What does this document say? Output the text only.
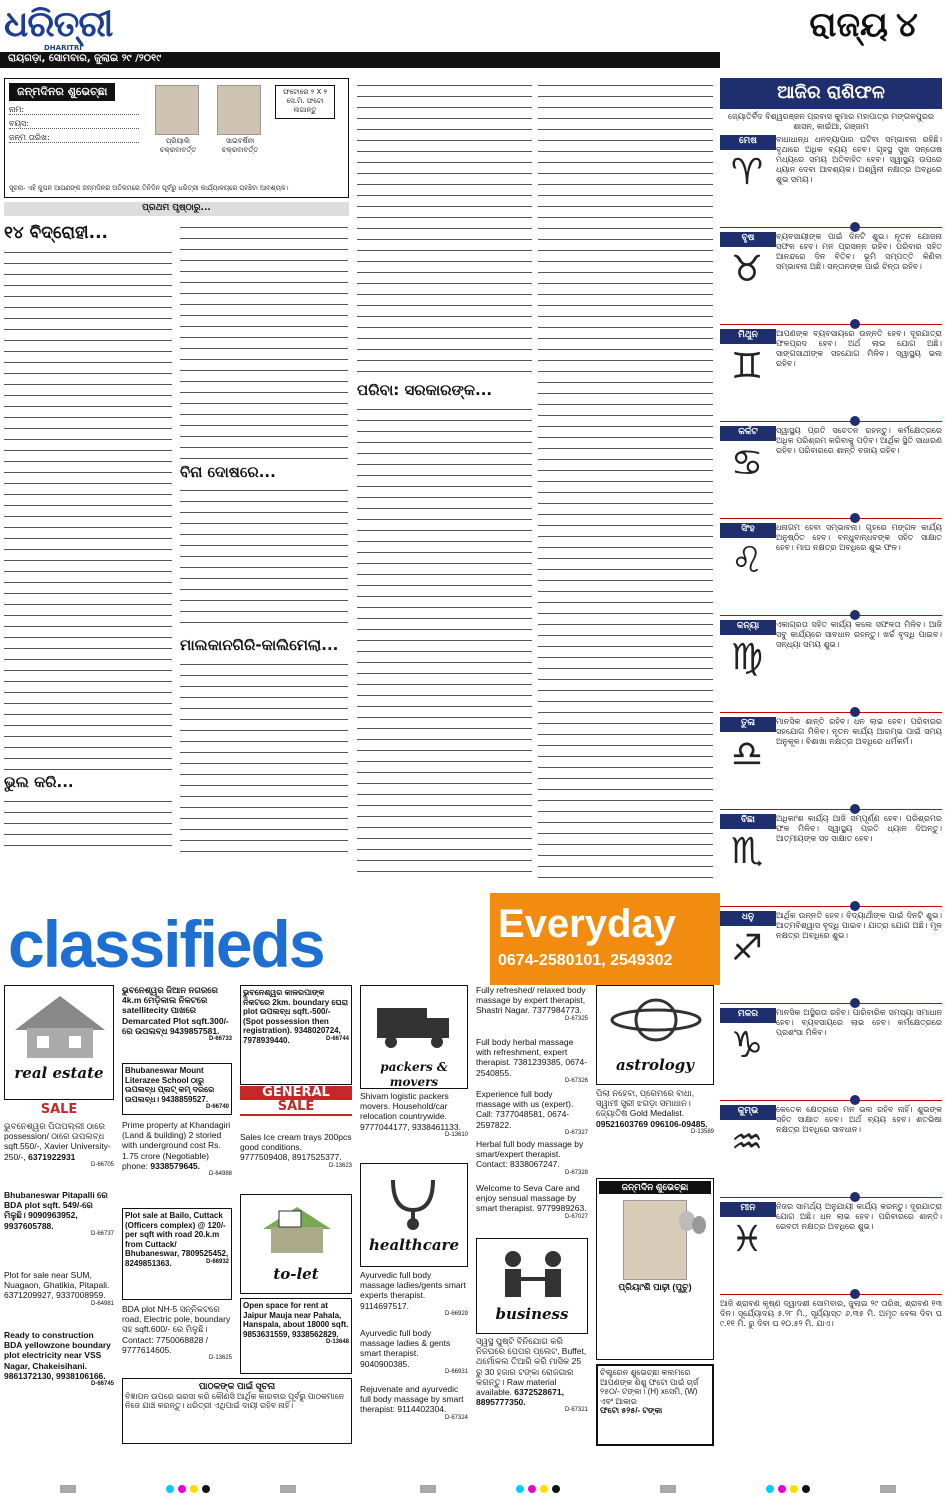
ଧରିତ୍ରୀ
DHARITRI
ରାୟଗଡ଼ା, ସୋମବାର, ଜୁଲାଇ ୨୯ /୨୦୧୯
ରାଜ୍ୟ ୪
ଜନ୍ମଦିନର ଶୁଭେଚ୍ଛା
ନାମ:
ବୟସ:
ଜନ୍ମ ତାରିଖ:	ପ୍ରିୟାଲି ଚକ୍ରବାବର୍ତ୍ତ
ସାଇବର୍ଷିନୀ ଚକ୍ରବାବର୍ତ୍ତ
ଫଟୋରେ ୨ X ୨ ସେ.ମି. ଫଟୋ ଲଗାନ୍ତୁ
ସୂଚନା- ଏହି କୁପନ ଆପଣଙ୍କ ଜନ୍ମଦିନର ଅତିକମରେ ତିନିଦିନ ପୂର୍ବରୁ ଧରିତ୍ରୀ କାର୍ଯ୍ୟାଳୟରେ ପହଞ୍ଚିବା ଆବଶ୍ୟକ।
ପ୍ରଥମ ପୃଷ୍ଠାରୁ...
୧୪ ବିଦ୍ରୋହୀ...
ଭୁଲ କରି...
ବିନା ଦୋଷରେ...
ମାଲକାନଗିରି-କାଲିମେଲା...
ପରିବା: ସରକାରଙ୍କ...
ଆଜିର ରାଶିଫଳ
ଜ୍ୟୋତିର୍ବିଦ ବିଶ୍ୱରଞ୍ଜନ ପ୍ରବାସ କୁମାର ମହାପାତ୍ର ମଙ୍ଗଳପୁରର ଶାସନ, କାଇଁଆ, ଗଞ୍ଜାମ
ମେଷ
♈
ବାଧାଧାନ୍ଧ ଧନବ୍ୟାପାର ଘଟିବା ସମ୍ଭାବନା ରହିଛି। ବୃଥାରେ ଅଧିକ ବ୍ୟୟ ହେବ। ଗୃହସ୍ଥ ସୁଖ ସନ୍ତୋଷ ମଧ୍ୟରେ ସମୟ ଅତିବାହିତ ହେବ। ସ୍ୱାସ୍ଥ୍ୟ ଉପରେ ଧ୍ୟାନ ଦେବା ଆବଶ୍ୟକ। ଅଶ୍ୱିନୀ ନକ୍ଷତ୍ର ଅବଧିରେ ଶୁଭ ସମୟ।
ବୃଷ
♉
ବ୍ୟବସାୟୀଙ୍କ ପାଇଁ ଦିନଟି ଶୁଭ। ନୂତନ ଯୋଜନା ସଫଳ ହେବ। ମନ ପ୍ରସନ୍ନ ରହିବ। ପରିବାର ସହିତ ଆନନ୍ଦରେ ଦିନ ବିତିବ। ଭୂମି ସମ୍ପତ୍ତି କିଣିବା ସମ୍ଭାବନା ଅଛି। ସନ୍ତାନଙ୍କ ପାଇଁ ଚିନ୍ତା ରହିବ।
ମିଥୁନ
♊
ଆପଣଙ୍କ ବ୍ୟବସାୟରେ ଉନ୍ନତି ହେବ। ଦୂରଯାତ୍ରା ଫଳପ୍ରଦ ହେବ। ଅର୍ଥ ଲାଭ ଯୋଗ ଅଛି। ସାଙ୍ଗସାଥୀଙ୍କ ସହଯୋଗ ମିଳିବ। ସ୍ୱାସ୍ଥ୍ୟ ଭଲ ରହିବ।
କର୍କଟ
♋
ସ୍ୱାସ୍ଥ୍ୟ ପ୍ରତି ସଚେତନ ରହନ୍ତୁ। କର୍ମକ୍ଷେତ୍ରରେ ଅଧିକ ପରିଶ୍ରମ କରିବାକୁ ପଡ଼ିବ। ଆର୍ଥିକ ସ୍ଥିତି ସାଧାରଣ ରହିବ। ପରିବାରରେ ଶାନ୍ତି ବଜାୟ ରହିବ।
ସିଂହ
♌
ଧନାଗମ ହେବା ସମ୍ଭାବନା। ଗୃହରେ ମଙ୍ଗଳ କାର୍ଯ୍ୟ ଅନୁଷ୍ଠିତ ହେବ। ବନ୍ଧୁବାନ୍ଧବଙ୍କ ସହିତ ସାକ୍ଷାତ ହେବ। ମାଘ ନକ୍ଷତ୍ର ଅବଧିରେ ଶୁଭ ଫଳ।
କନ୍ୟା
♍
ଏକାଗ୍ରତା ସହିତ କାର୍ଯ୍ୟ କଲେ ସଫଳତା ମିଳିବ। ଆଜି ସବୁ କାର୍ଯ୍ୟରେ ସାବଧାନ ରହନ୍ତୁ। ଖର୍ଚ୍ଚ ବୃଦ୍ଧି ପାଇବ। ସନ୍ଧ୍ୟା ସମୟ ଶୁଭ।
ତୁଳା
♎
ମାନସିକ ଶାନ୍ତି ରହିବ। ଧନ ଲାଭ ହେବ। ପରିବାରର ସହଯୋଗ ମିଳିବ। ନୂତନ କାର୍ଯ୍ୟ ଆରମ୍ଭ ପାଇଁ ସମୟ ଅନୁକୂଳ। ବିଶାଖା ନକ୍ଷତ୍ର ଅବଧିରେ ଧର୍ମକର୍ମ।
ବିଛା
♏
ଅଧିକାଂଶ କାର୍ଯ୍ୟ ଆଜି ସମ୍ପୂର୍ଣ୍ଣ ହେବ। ପରିଶ୍ରମର ଫଳ ମିଳିବ। ସ୍ୱାସ୍ଥ୍ୟ ପ୍ରତି ଧ୍ୟାନ ଦିଅନ୍ତୁ। ଆତ୍ମୀୟଙ୍କ ସହ ସାକ୍ଷାତ ହେବ।
ଧନୁ
♐
ଆର୍ଥିକ ଉନ୍ନତି ହେବ। ବିଦ୍ୟାର୍ଥୀଙ୍କ ପାଇଁ ଦିନଟି ଶୁଭ। ଆତ୍ମବିଶ୍ୱାସ ବୃଦ୍ଧି ପାଇବ। ଯାତ୍ରା ଯୋଗ ଅଛି। ମୂଳ ନକ୍ଷତ୍ର ଅବଧିରେ ଶୁଭ।
ମକର
♑
ମାନସିକ ଅସ୍ଥିରତା ରହିବ। ପାରିବାରିକ ସମସ୍ୟା ସମାଧାନ ହେବ। ବ୍ୟବସାୟରେ ଲାଭ ହେବ। କର୍ମକ୍ଷେତ୍ରରେ ପ୍ରଶଂସା ମିଳିବ।
କୁମ୍ଭ
♒
କେତେକ କ୍ଷେତ୍ରରେ ମନ ଭଲ ରହିବ ନାହିଁ। ଶୁଭଙ୍କ ସହିତ ସାକ୍ଷାତ ହେବ। ଅର୍ଥ ବ୍ୟୟ ହେବ। ଶତଭିଷା ନକ୍ଷତ୍ର ଅବଧିରେ ସାବଧାନ।
ମୀନ
♓
ନିଜର ସାମର୍ଥ୍ୟ ଅନୁଯାୟୀ କାର୍ଯ୍ୟ କରନ୍ତୁ। ଦୂରଯାତ୍ରା ଯୋଗ ଅଛି। ଧନ ଲାଭ ହେବ। ପରିବାରରେ ଶାନ୍ତି। ରେବତୀ ନକ୍ଷତ୍ର ଅବଧିରେ ଶୁଭ।
ଆଜି ଶ୍ରାବଣ କୃଷ୍ଣ ଦ୍ୱାଦଶୀ ସୋମବାର, ଜୁଲାଇ ୨୯ ତାରିଖ, ଶ୍ରାବଣ ୧୩ ଦିନ। ସୂର୍ଯ୍ୟୋଦୟ ୫.୨୮ ମି., ସୂର୍ଯ୍ୟାସ୍ତ ୬.୩୫ ମି. ଅମୃତ ବେଳା ଦିବା ଘ ୯.୧୧ ମି. ରୁ ଦିବା ଘ ୧୦.୫୨ ମି. ଯାଏ।
classifieds	Everyday
0674-2580101, 2549302
real estate
SALE
ଭୁବନେଶ୍ୱର ପିତାପଲ୍ଲୀ ଠାରେ possession/ ଠାରେ ଉପଲବ୍ଧ sqft.550/-, Xavier University- 250/-, 6371922931
D-66705
Bhubaneswar Pitapalli ରେ BDA plot sqft. 549/-ରେ ମିଳୁଛି। 9090963952, 9937605788.
D-66737
Plot for sale near SUM, Nuagaon, Ghatikia, Pitapali. 6371209927, 9337008959.
D-64981
Ready to construction BDA yellowzone boundary plot electricity near VSS Nagar, Chakeisihani. 9861372130, 9938106166.
D-66745
ଭୁବନେଶ୍ୱର ଜିଆନ ନଗରରେ 4k.m ମେଡ଼ିକାଲ ନିକଟରେ satellitecity ପାଖରେ Demarcated Plot sqft.300/-ରେ ଉପଲବ୍ଧ 9439857581.
D-66733
Bhubaneswar Mount Literazee School ଠାରୁ ଉପଲବ୍ଧ ପ୍ଲଟ୍ କମ୍ ଦରରେ ଉପଲବ୍ଧ। 9438859527.
D-66740
Prime property at Khandagiri (Land & building) 2 storied with underground cost Rs. 1.75 crore (Negotiable) phone: 9338579645.
D-64988
Plot sale at Bailo, Cuttack (Officers complex) @ 120/- per sqft with road 20.k.m from Cuttack/ Bhubaneswar, 7809525452, 8249851363.	D-66932
BDA plot NH-5 ସନ୍ନିକଟରେ road, Electric pole, boundary ସହ sqft.600/- ରେ ମିଳୁଛି। Contact: 7750068828 / 9777614605.
D-13625
ପାଠକଙ୍କ ପାଇଁ ସୂଚନା
ବିଜ୍ଞାପନ ଉପରେ ଭରସା କରି କୌଣସି ଆର୍ଥିକ କାରବାର ପୂର୍ବରୁ ପାଠକମାନେ ନିଜେ ଯାଞ୍ଚ କରନ୍ତୁ। ଧରିତ୍ରୀ ଏଥିପାଇଁ ଦାୟୀ ରହିବ ନାହିଁ।
ଭୁବନେଶ୍ୱର କାଳରପାଙ୍କ ନିକଟରେ 2km. boundary ଘେରା plot ଉପଲବ୍ଧ sqft.-500/- (Spot possession then registration). 9348020724, 7978939440.	D-66744
GENERAL
SALE
Sales Ice cream trays 200pcs good conditions. 9777509408, 8917525377.
D-13623
to-let
Open space for rent at Jaipur Mauja near Pahala, Hanspala, about 18000 sqft. 9853631559, 9338562829.
D-13648
packers & movers
Shivam logistic packers movers. Household/car relocation countrywide. 9777044177, 9338461133.
D-13610
healthcare
Ayurvedic full body massage ladies/gents smart experts therapist. 9114697517.
D-66929
Ayurvedic full body massage ladies & gents smart therapist. 9040900385.
D-66931
Rejuvenate and ayurvedic full body massage by smart therapist: 9114402304.
D-67324
Fully refreshed/ relaxed body massage by expert therapist, Shastri Nagar. 7377984773.
D-67325
Full body herbal massage with refreshment, expert therapist. 7381239385, 0674-2540855.
D-67326
Experience full body massage with us (expert). Call: 7377048581, 0674-2597822.
D-67327
Herbal full body massage by smart/expert therapist. Contact: 8338067247.
D-67328
Welcome to Seva Care and enjoy sensual massage by smart therapist. 9779989263.
D-67027
business
ସ୍ୱସ୍ଥ ପୁଷ୍ଟି ବିନିଯୋଗ କରି ନିଜଘରେ ପେପର ପ୍ଲେଟ, Buffet, ଥର୍ମୋକଲ ତିଆରି କରି ମାସିକ 25 ରୁ 30 ହଜାର ଟଙ୍କା ରୋଜଗାର କରନ୍ତୁ। Raw material available. 6372528671, 8895777350.
D-67321
astrology
ପିଲା ନହେବା, ପ୍ରେମରେ ବାଧା, ସ୍ୱାମୀ ସ୍ତ୍ରୀ ଝଗଡ଼ା ସମାଧାନ। ଜ୍ୟୋତିଷ Gold Medalist. 09521603769 096106-09485.
D-13589
ଜନ୍ମଦିନ ଶୁଭେଚ୍ଛା
ପ୍ରିୟାଂଶି ପାଢ଼ୀ (ପୁଚୁ)
ଚିଲ୍ଡ୍ରେନ ଶୁଭେଚ୍ଛା କଲମରେ ଆପଣଙ୍କ ଶିଶୁ ଫଟୋ ପାଇଁ ଚାର୍ଜ ୨୫୦/- ଟଙ୍କା। (H) xସେମି, (W) ଏବଂ ଆକାର
ଫଟୋ ୫୨୫/- ଟଙ୍କା
